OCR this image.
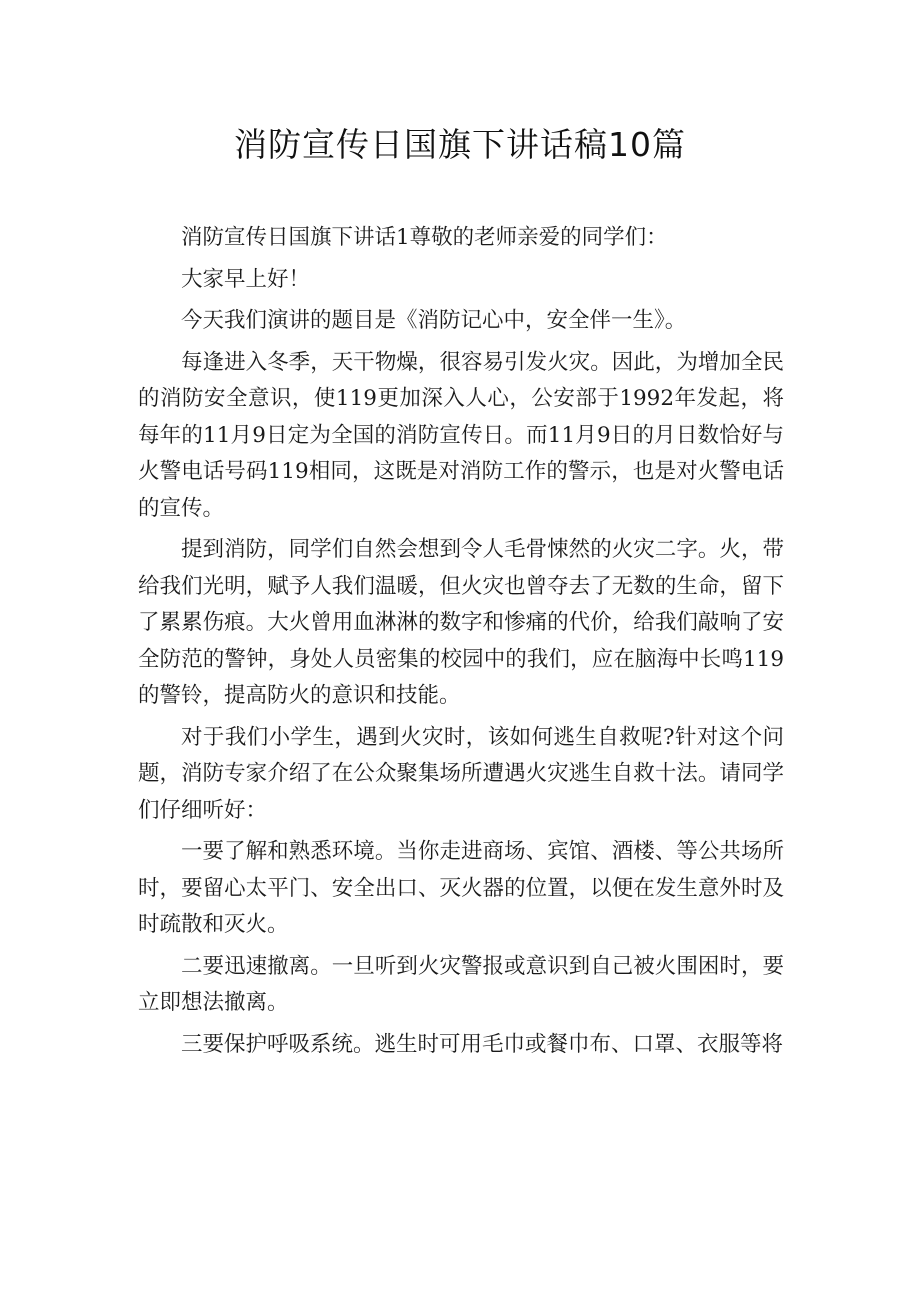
消防宣传日国旗下讲话稿10篇

消防宣传日国旗下讲话1尊敬的老师亲爱的同学们：

大家早上好！

今天我们演讲的题目是《消防记心中，安全伴一生》。

每逢进入冬季，天干物燥，很容易引发火灾。因此，为增加全民的消防安全意识，使119更加深入人心，公安部于1992年发起，将每年的11月9日定为全国的消防宣传日。而11月9日的月日数恰好与火警电话号码119相同，这既是对消防工作的警示，也是对火警电话的宣传。

提到消防，同学们自然会想到令人毛骨悚然的火灾二字。火，带给我们光明，赋予人我们温暖，但火灾也曾夺去了无数的生命，留下了累累伤痕。大火曾用血淋淋的数字和惨痛的代价，给我们敲响了安全防范的警钟，身处人员密集的校园中的我们，应在脑海中长鸣119的警铃，提高防火的意识和技能。

对于我们小学生，遇到火灾时，该如何逃生自救呢?针对这个问题，消防专家介绍了在公众聚集场所遭遇火灾逃生自救十法。请同学们仔细听好：

一要了解和熟悉环境。当你走进商场、宾馆、酒楼、等公共场所时，要留心太平门、安全出口、灭火器的位置，以便在发生意外时及时疏散和灭火。

二要迅速撤离。一旦听到火灾警报或意识到自己被火围困时，要立即想法撤离。

三要保护呼吸系统。逃生时可用毛巾或餐巾布、口罩、衣服等将
